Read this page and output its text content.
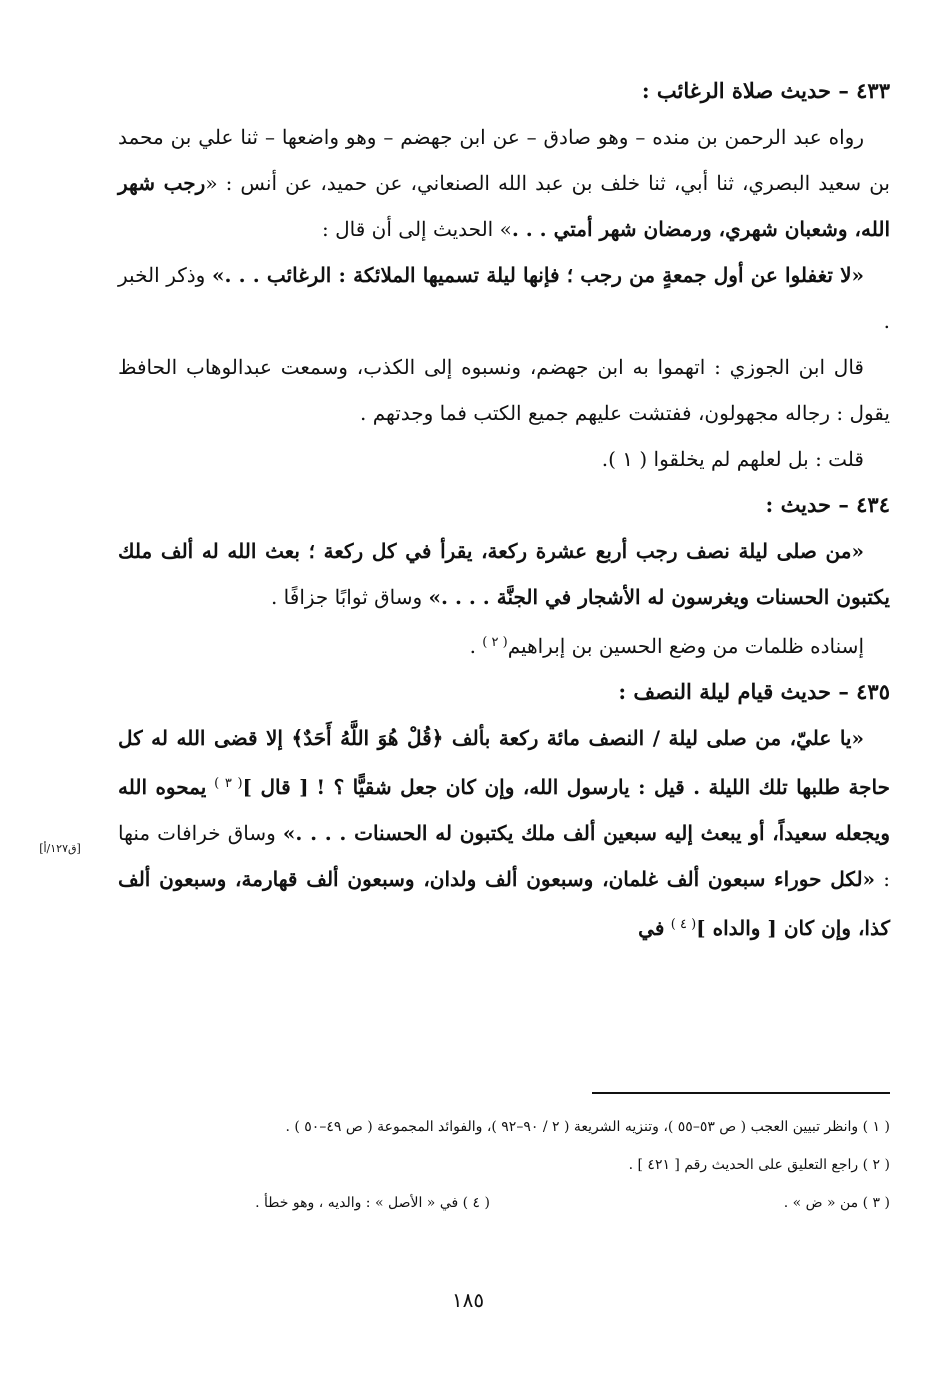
٤٣٣ – حديث صلاة الرغائب :

رواه عبد الرحمن بن منده – وهو صادق – عن ابن جهضم – وهو واضعها – ثنا علي بن محمد بن سعيد البصري، ثنا أبي، ثنا خلف بن عبد الله الصنعاني، عن حميد، عن أنس : «رجب شهر الله، وشعبان شهري، ورمضان شهر أمتي . . .» الحديث إلى أن قال :

«لا تغفلوا عن أول جمعةٍ من رجب ؛ فإنها ليلة تسميها الملائكة : الرغائب . . .» وذكر الخبر .

قال ابن الجوزي : اتهموا به ابن جهضم، ونسبوه إلى الكذب، وسمعت عبدالوهاب الحافظ يقول : رجاله مجهولون، ففتشت عليهم جميع الكتب فما وجدتهم .

قلت : بل لعلهم لم يخلقوا ( ١ ).

٤٣٤ – حديث :

«من صلى ليلة نصف رجب أربع عشرة ركعة، يقرأ في كل ركعة ؛ بعث الله له ألف ملك يكتبون الحسنات ويغرسون له الأشجار في الجنَّة . . . .» وساق ثوابًا جزافًا .

إسناده ظلمات من وضع الحسين بن إبراهيم$^{( ٢ )}$ .

٤٣٥ – حديث قيام ليلة النصف :

«يا عليّ، من صلى ليلة / النصف مائة ركعة بألف ﴿قُلْ هُوَ اللَّهُ أَحَدٌ﴾ إلا قضى الله له كل حاجة طلبها تلك الليلة . قيل : يارسول الله، وإن كان جعل شقيًّا ؟ ! [ قال ]$^{( ٣ )}$ يمحوه الله ويجعله سعيداً، أو يبعث إليه سبعين ألف ملك يكتبون له الحسنات . . . .» وساق خرافات منها : «لكل حوراء سبعون ألف غلمان، وسبعون ألف ولدان، وسبعون ألف قهارمة، وسبعون ألف كذا، وإن كان [ والداه ]$^{( ٤ )}$ في

[ق١٢٧/أ]
( ١ ) وانظر تبيين العجب ( ص ٥٣–٥٥ )، وتنزيه الشريعة ( ٢ / ٩٠–٩٢ )، والفوائد المجموعة ( ص ٤٩–٥٠ ) .
( ٢ ) راجع التعليق على الحديث رقم [ ٤٢١ ] .
( ٣ ) من « ض » .
( ٤ ) في « الأصل » : والديه ، وهو خطأ .
١٨٥
